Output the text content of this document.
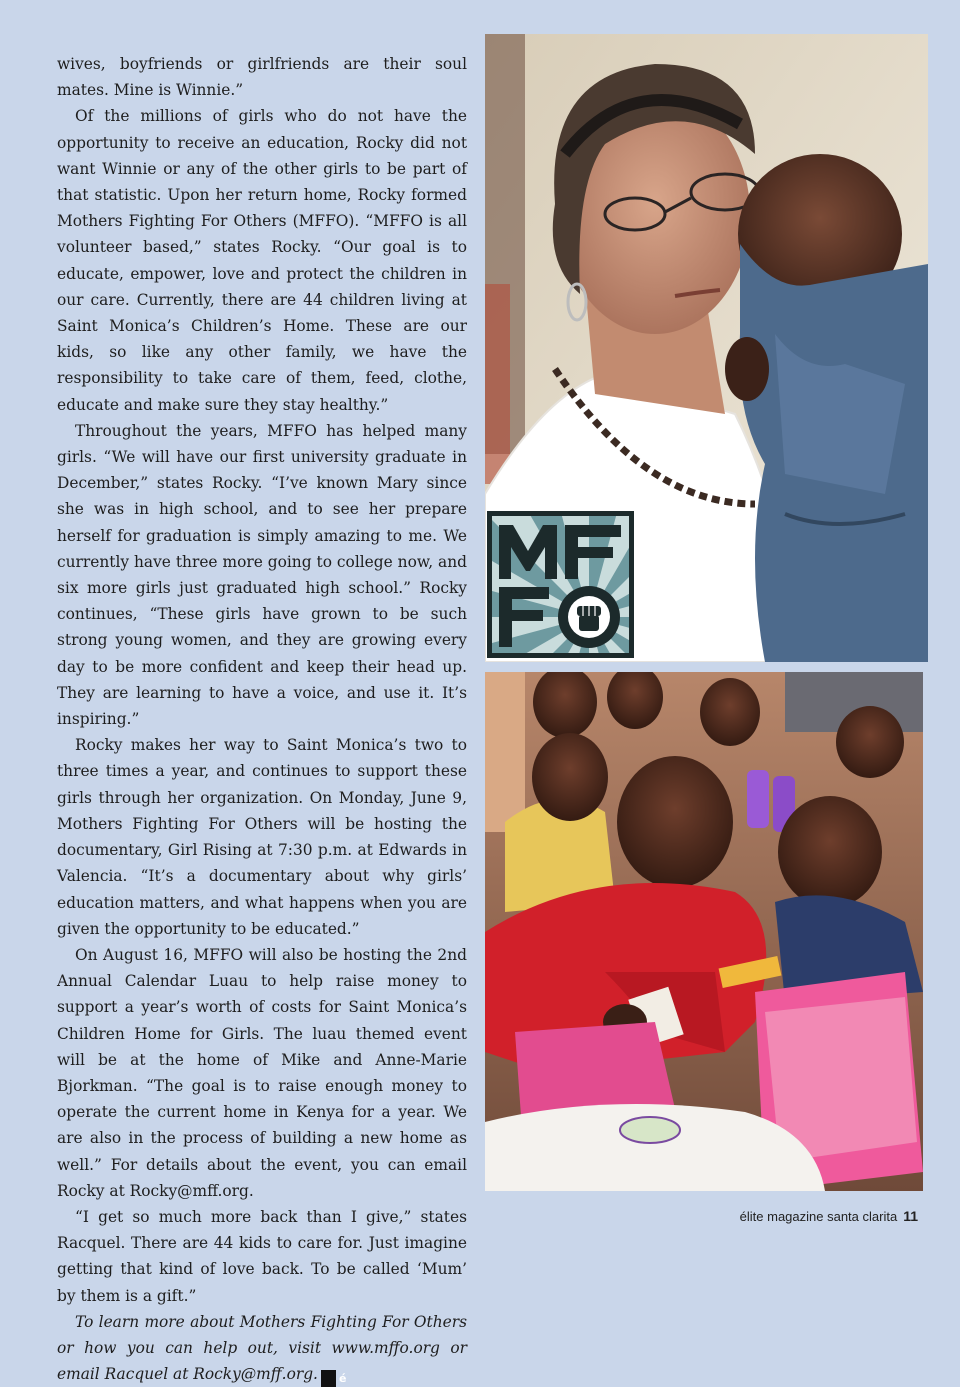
wives, boyfriends or girlfriends are their soul mates. Mine is Winnie.”

Of the millions of girls who do not have the opportunity to receive an education, Rocky did not want Winnie or any of the other girls to be part of that statistic. Upon her return home, Rocky formed Mothers Fighting For Others (MFFO). “MFFO is all volunteer based,” states Rocky. “Our goal is to educate, empower, love and protect the children in our care. Currently, there are 44 children living at Saint Monica’s Children’s Home. These are our kids, so like any other family, we have the responsibility to take care of them, feed, clothe, educate and make sure they stay healthy.”

Throughout the years, MFFO has helped many girls. “We will have our first university graduate in December,” states Rocky. “I’ve known Mary since she was in high school, and to see her prepare herself for graduation is simply amazing to me. We currently have three more going to college now, and six more girls just graduated high school.” Rocky continues, “These girls have grown to be such strong young women, and they are growing every day to be more confident and keep their head up. They are learning to have a voice, and use it. It’s inspiring.”

Rocky makes her way to Saint Monica’s two to three times a year, and continues to support these girls through her organization. On Monday, June 9, Mothers Fighting For Others will be hosting the documentary, Girl Rising at 7:30 p.m. at Edwards in Valencia. “It’s a documentary about why girls’ education matters, and what happens when you are given the opportunity to be educated.”

On August 16, MFFO will also be hosting the 2nd Annual Calendar Luau to help raise money to support a year’s worth of costs for Saint Monica’s Children Home for Girls. The luau themed event will be at the home of Mike and Anne-Marie Bjorkman. “The goal is to raise enough money to operate the current home in Kenya for a year. We are also in the process of building a new home as well.” For details about the event, you can email Rocky at Rocky@mff.org.

“I get so much more back than I give,” states Racquel. There are 44 kids to care for. Just imagine getting that kind of love back. To be called ‘Mum’ by them is a gift.”

To learn more about Mothers Fighting For Others or how you can help out, visit www.mffo.org or email Racquel at Rocky@mff.org. é

élite magazine santa clarita 11
